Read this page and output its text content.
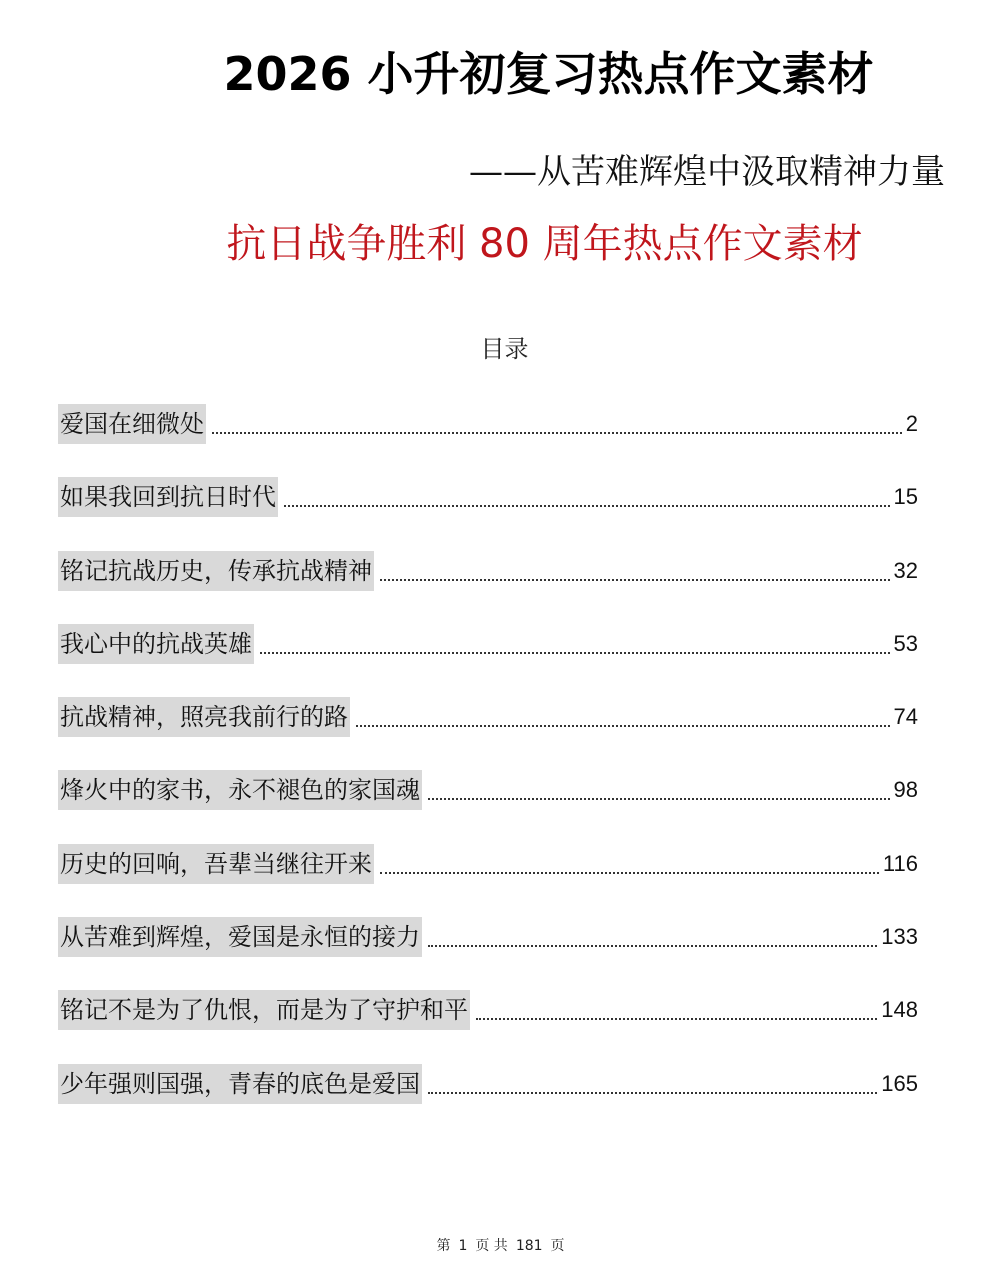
2026 小升初复习热点作文素材
——从苦难辉煌中汲取精神力量
抗日战争胜利 80 周年热点作文素材
目录
爱国在细微处	2
如果我回到抗日时代	15
铭记抗战历史，传承抗战精神	32
我心中的抗战英雄	53
抗战精神，照亮我前行的路	74
烽火中的家书，永不褪色的家国魂	98
历史的回响，吾辈当继往开来	116
从苦难到辉煌，爱国是永恒的接力	133
铭记不是为了仇恨，而是为了守护和平	148
少年强则国强，青春的底色是爱国	165
第 1 页 共 181 页
